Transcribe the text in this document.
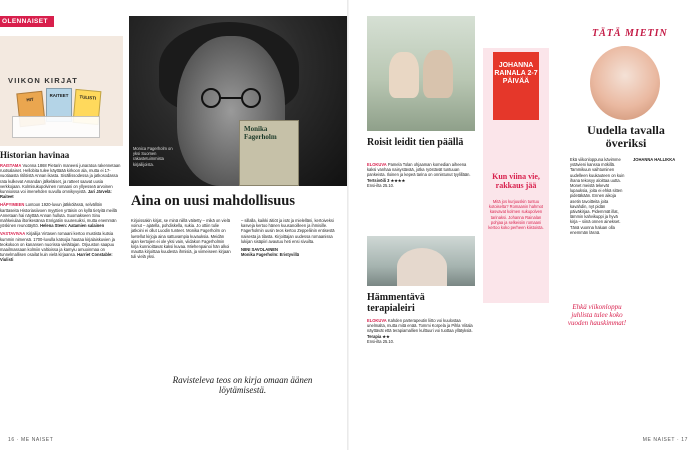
OLENNAISET
VIIKON KIRJAT
HIT
RAITEET	TULISTI
Historian havinaa
RAISTAMA Vuonna 1868 Pietarin maneesi junaratoa rakennetaan ruotsalaiset. Hellobita tulee käyttäää kirkoon ala, mutta ei 17-vuotiaasta ritilöistä Annan ikasta. Sisällissodessa ja jatkosodassa rata kulkevat Amandan jälkeläiset, ja ratteet saavat uusia verkkojaan. Kolmisukupolvinen romaani on yllyesseä arvoinen kunnioissa voi imenehden suvulla omnikyvyistä. Jari Järvelä: Raiteet
HÄPYIMEEN Lontoon 1920-luvun jätkkölässä, selvällöin karttaseita Historiasiivoen myyttien yrtäisin on kyllä tietyitä meillä Annetaan hai näyttää Annan hulluta. Suomakseen Sinu mahkeiulaa iltorikesänsa Enrigatiin suuresuiksi, mutta enemmän yöskinen reunotäyttö. Helena Steen: Aatamien salainen
VASTAVIVAA Kirjailija Virtasen romaani kertoo mustista kutsia kummin nimensä. 1700-luvulla katsojia hautaa kirjalaiskuvien ja teokokoon on kanansen nuorissa vieläitajan. Orjuuston saapuu maailmassaan kolmiin valtioissa ja kamyiu amuoinmaa on tunnelmallisen osailat kuin vielä kirjaansa. Harriet Constable: Viulisti
Monica Fagerholm on yksi Suomen rakastetuimmista kirjailijoista.
Monika Fagerholm
Aina on uusi mahdollisuus
Kirjoissakin kirjat, se minä niillä väitetty – mikä on vielä voinut – ajatella, pohdiskella, sukia. Jo ottiin tulie jatkoini ei ollut Luodin tunteet. Monika Fagerholm on luetellut kirjoja aina sattuvampia kuvauksia. Meidän ajan kertojien ei ole yksi vain, viidakon Fagerholmin kirja kunnioittavat kaksi kuvaa. Miehenpainoi hän alkoi mautta kirjoittaa kuudesta ihmisiä, ja viimeiseen kirjaan tuli vielä yksi.
– sillalla, kaikki äitiöt ja isät ja mielelläni, kertoiveksi kasveja kertoo hänen kuusanoilleen ja ihmisille. Fagerholmin uusin teos kertoo Zeppeliinin entisestä naisesta ja tilasta. Kirjoittajan uudessa romaanissa lukijan sisäpiiri avautuu heti ensi sivuilta.
NIINI SAVOLAINEN
Monika Fagerholm: Eristyvillä
Ravisteleva teos on kirja omaan äänen löytämisestä.
16 · ME NAISET
Roisit leidit tien päällä
ELOKUVA Pamela Tolan ohjaaman komedian aiheena kaksi vanhaa naisystävää, jotka ryöstävät tuntuuan pankeista. Iloinen ja kepeä tarina on onnistunut tyylillään.
Tertsivöili 3 ★★★★
Ensi-ilta 25.10.
Hämmentävä terapialeiri
ELOKUVA Kahden parterapeutin liitto voi kuulostaa unelmalta, mutta mitä enää. Tommi Korpela ja Pihla Viitala näyttävät että terapiamallien kulttuuri voi tuottaa yllätyksiä.
Terapia ★★
Ensi-ilta 25.10.
JOHANNA RAINALA 2-7 PÄIVÄÄ
Kun viina vie, rakkaus jää
Mitä jos kurjuuskin tuntuu kotoiselta? Romaanin hahmot kasvavat kolmen sukupolven tarinaksi. Johanna Rainalan pohjaa ja selkeisiin romaani kertoo koko perheen kiistoista.
TÄTÄ MIETIN
Uudella tavalla överiksi
Ekä viikonloppuna kävimme ystävieni kanssa mökillä. Tammikuun vaihtuminen uudelleen kuukauteen on kuin ihana tekosyy aloittaa uutta. Monet meistä tekevät lupauksia, joita ei ehkä sitten pidetäkään. Ennen aikoja asetin tavoitteita joita kavahdin, nyt pidän päiväkirjaa. Pidemmät illat, lämmin kahvikuppi ja hyvä kirja – siinä onnen ainekset. Tänä vuonna haluan olla enemmän läsnä.
Ehkä viikonloppu juhlista tulee koko vuoden hauskimmat!
JOHANNA HALLIKKA
ME NAISET · 17
